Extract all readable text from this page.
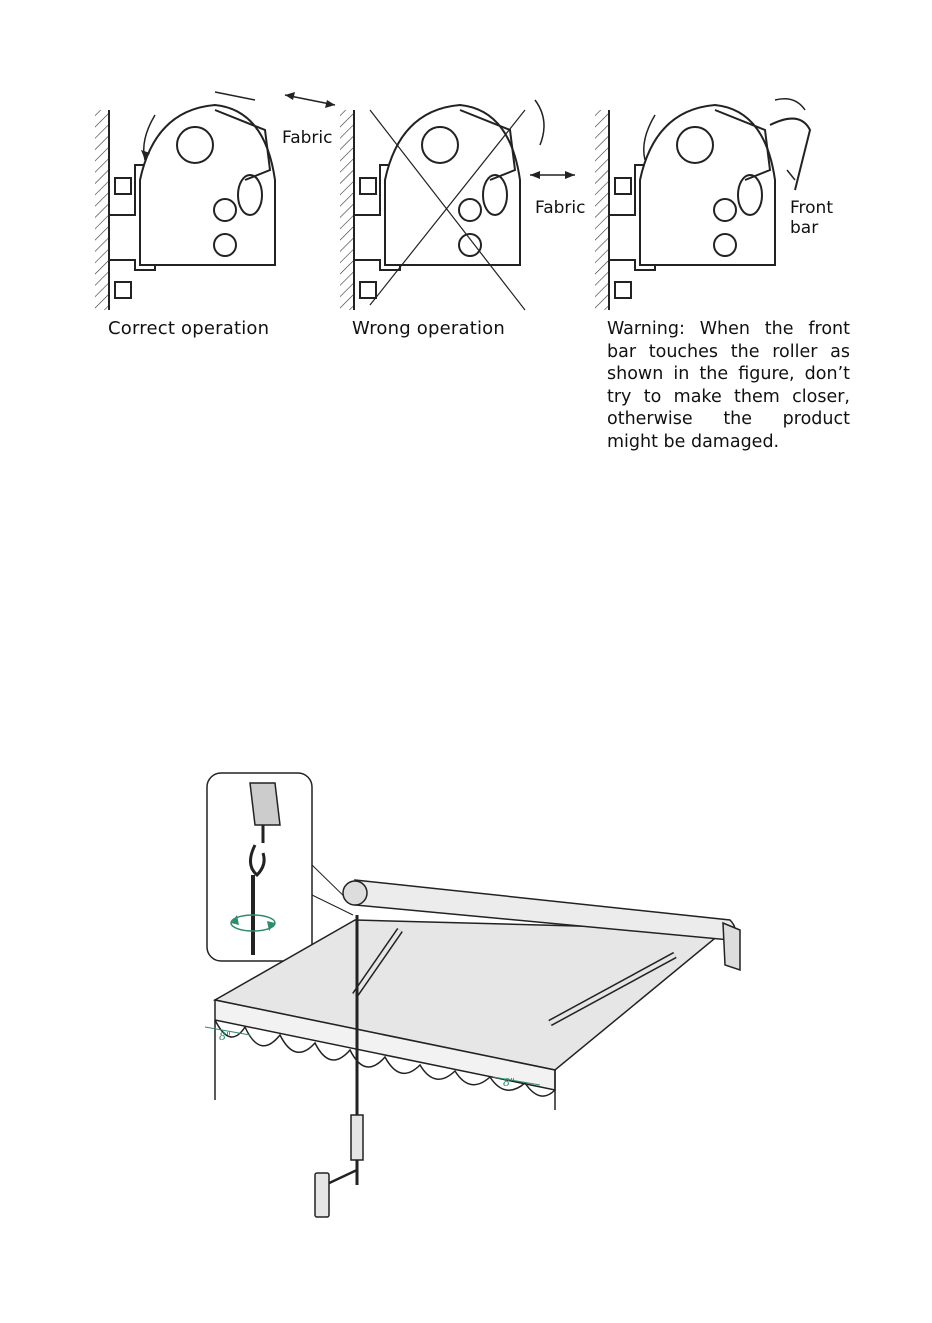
Fabric
Correct operation
Fabric
Wrong operation
Front bar
Warning: When the front bar touches the roller as shown in the figure, don’t try to make them closer, otherwise the product might be damaged.
8"
8"
